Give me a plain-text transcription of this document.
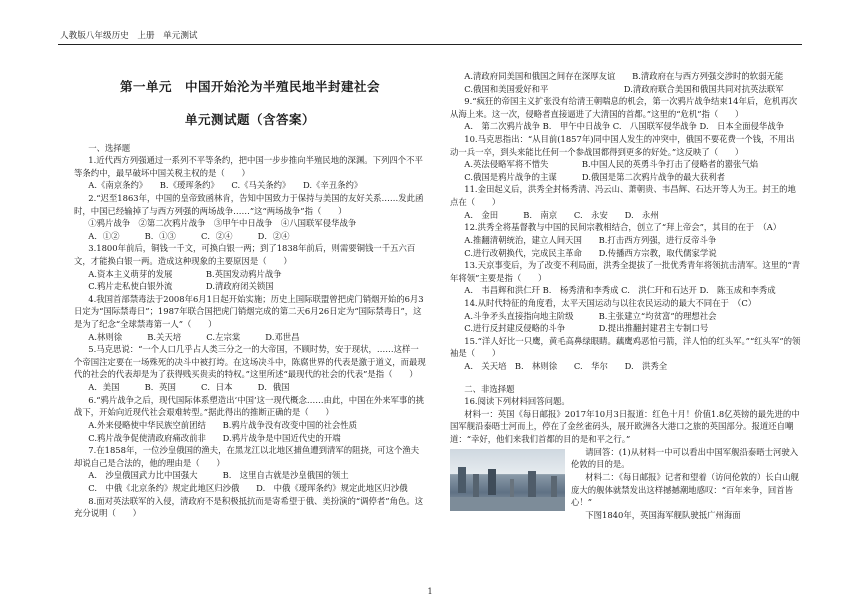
人教版八年级历史　上册　单元测试
第一单元　中国开始沦为半殖民地半封建社会
单元测试题（含答案）

一、选择题

1.近代西方列强通过一系列不平等条约，把中国一步步推向半殖民地的深渊。下列四个不平等条约中，最早破坏中国关税主权的是（　　）

A.《南京条约》　　B.《瑷珲条约》　　C.《马关条约》　　D.《辛丑条约》

2.“迟至1863年，中国的皇帝致函林肯，告知中国致力于保持与美国的友好关系……发此函时，中国已经输掉了与西方列强的两场战争……”这“两场战争”指（　　）

①鸦片战争　②第二次鸦片战争　③甲午中日战争　④八国联军侵华战争

A．①②　　　B．①③　　　C．②④　　　D．②④

3.1800年前后，铜钱一千文，可换白银一两；到了1838年前后，则需要铜钱一千五六百文，才能换白银一两。造成这种现象的主要原因是（　　）

A.资本主义萌芽的发展　　　　B.英国发动鸦片战争

C.鸦片走私使白银外流　　　　D.清政府闭关锁国

4.我国首部禁毒法于2008年6月1日起开始实施；历史上国际联盟曾把虎门销烟开始的6月3日定为“国际禁毒日”；1987年联合国把虎门销烟完成的第二天6月26日定为“国际禁毒日”，这是为了纪念“全球禁毒第一人”（　　）

A.林则徐　　　B.关天培　　　C.左宗棠　　　D.邓世昌

5.马克思说：“一个人口几乎占人类三分之一的大帝国，不顾时势，安于现状，……这样一个帝国注定要在一场殊死的决斗中被打垮。在这场决斗中，陈腐世界的代表是激于道义，而最现代的社会的代表却是为了获得贱买贵卖的特权。”这里所述“最现代的社会的代表”是指（　　）

A．美国　　　B．英国　　　C．日本　　　D．俄国

6.“鸦片战争之后，现代国际体系塑造出‘中国’这一现代概念……由此，中国在外来军事的挑战下，开始向近现代社会艰难转型。”据此得出的推断正确的是（　　）

A.外来侵略使中华民族空前团结　　B.鸦片战争没有改变中国的社会性质

C.鸦片战争促使清政府痛改前非　　D.鸦片战争是中国近代史的开端

7.在1858年，一位沙皇俄国的渔夫，在黑龙江以北地区捕鱼遭到清军的阻挠，可这个渔夫却说自己是合法的，他的理由是（　　）

A.　沙皇俄国武力比中国强大　　　B.　这里自古就是沙皇俄国的领土

C.　中俄《北京条约》规定此地区归沙俄　　D.　中俄《瑷珲条约》规定此地区归沙俄

8.面对英法联军的入侵，清政府不是积极抵抗而是寄希望于俄、美扮演的“调停者”角色。这充分说明（　　）

A.清政府同美国和俄国之间存在深厚友谊　　B.清政府在与西方列强交涉时的软弱无能

C.俄国和美国爱好和平　　　　　　　　　D.清政府联合美国和俄国共同对抗英法联军

9.“疯狂的帝国主义扩张没有给清王朝喘息的机会，第一次鸦片战争结束14年后，危机再次从海上来。这一次，侵略者直接逼进了大清国的首都。”这里的“危机”指（　　）

A.　第二次鸦片战争 B.　甲午中日战争 C.　八国联军侵华战争 D.　日本全面侵华战争

10.马克思指出：“从目前(1857年)同中国人发生的冲突中，俄国不要花费一个钱，不用出动一兵一卒，到头来能比任何一个参战国都得到更多的好处。”这反映了（　　）

A.英法侵略军将不惜失　　　　B.中国人民的英勇斗争打击了侵略者的嚣张气焰

C.俄国是鸦片战争的主谋　　　D.俄国是第二次鸦片战争的最大获利者

11.金田起义后，洪秀全封杨秀清、冯云山、萧朝贵、韦昌辉、石达开等人为王。封王的地点在（　　）

A.　金田　　　B.　南京　　C.　永安　　D.　永州

12.洪秀全将基督教与中国的民间宗教相结合，创立了“拜上帝会”，其目的在于　（A）

A.推翻清朝统治，建立人间天国　　B.打击西方列强，进行反帝斗争

C.进行改朝换代，完成民主革命　　D.传播西方宗教，取代儒家学说

13.天京事变后，为了改变不利局面，洪秀全提拔了一批优秀青年将领抗击清军。这里的“青年将领”主要是指（　　）

A.　韦昌辉和洪仁玕 B.　杨秀清和李秀成 C.　洪仁玕和石达开 D.　陈玉成和李秀成

14.从时代特征的角度看，太平天国运动与以往农民运动的最大不同在于　（C）

A.斗争矛头直接指向地主阶级　　　B.主张建立“均贫富”的理想社会

C.进行反封建反侵略的斗争　　　　D.提出推翻封建君主专制口号

15.“洋人好比一只鹰，黄毛高鼻绿眼睛。藕鹰鸡恶怕弓箭，洋人怕的红头军。”“红头军”的领袖是（　　）

A.　关天培　B.　林则徐　　C.　华尔　　D.　洪秀全

二、非选择题

16.阅读下列材料回答问题。

材料一：英国《每日邮报》2017年10月3日报道：红色十月！价值1.8亿英镑的最先进的中国军舰沿泰晤士河而上，停在了金丝雀码头，展开欧洲各大港口之旅的英国部分。报道还自嘲道：“幸好，他们来我们首都的目的是和平之行。”

请回答：(1)从材料一中可以看出中国军舰沿泰晤士河驶入伦敦的目的是。

材料二：《每日邮报》记者和望着（访问伦敦的）长白山舰庞大的舰体就禁发出这样撼撼潮地感叹：“百年来争，回首皆心！”

下图1840年，英国海军舰队驶抵广州海面

1
